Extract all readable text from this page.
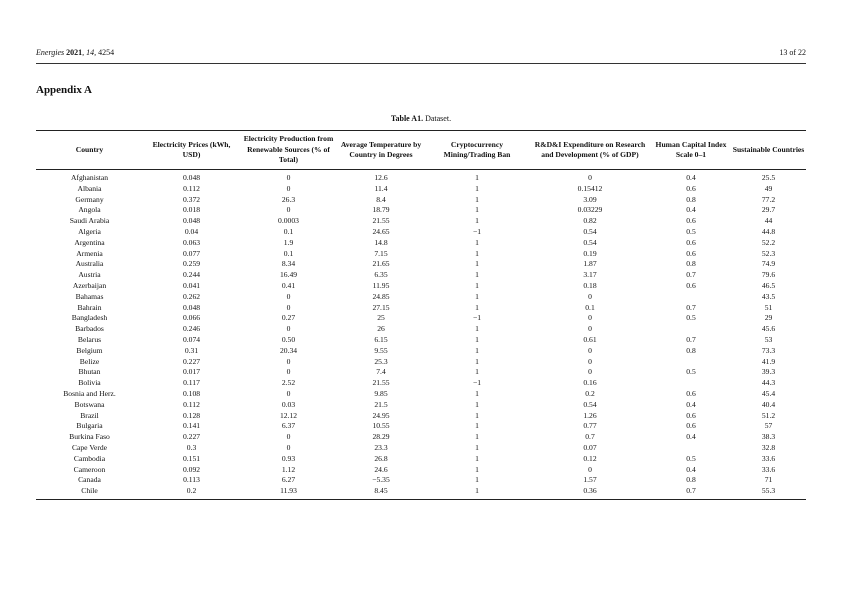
Energies 2021, 14, 4254	13 of 22
Appendix A
Table A1. Dataset.
Country	Electricity Prices (kWh, USD)	Electricity Production from Renewable Sources (% of Total)	Average Temperature by Country in Degrees	Cryptocurrency Mining/Trading Ban	R&D&I Expenditure on Research and Development (% of GDP)	Human Capital Index Scale 0–1	Sustainable Countries
Afghanistan	0.048	0	12.6	1	0	0.4	25.5
Albania	0.112	0	11.4	1	0.15412	0.6	49
Germany	0.372	26.3	8.4	1	3.09	0.8	77.2
Angola	0.018	0	18.79	1	0.03229	0.4	29.7
Saudi Arabia	0.048	0.0003	21.55	1	0.82	0.6	44
Algeria	0.04	0.1	24.65	−1	0.54	0.5	44.8
Argentina	0.063	1.9	14.8	1	0.54	0.6	52.2
Armenia	0.077	0.1	7.15	1	0.19	0.6	52.3
Australia	0.259	8.34	21.65	1	1.87	0.8	74.9
Austria	0.244	16.49	6.35	1	3.17	0.7	79.6
Azerbaijan	0.041	0.41	11.95	1	0.18	0.6	46.5
Bahamas	0.262	0	24.85	1	0		43.5
Bahrain	0.048	0	27.15	1	0.1	0.7	51
Bangladesh	0.066	0.27	25	−1	0	0.5	29
Barbados	0.246	0	26	1	0		45.6
Belarus	0.074	0.50	6.15	1	0.61	0.7	53
Belgium	0.31	20.34	9.55	1	0	0.8	73.3
Belize	0.227	0	25.3	1	0		41.9
Bhutan	0.017	0	7.4	1	0	0.5	39.3
Bolivia	0.117	2.52	21.55	−1	0.16		44.3
Bosnia and Herz.	0.108	0	9.85	1	0.2	0.6	45.4
Botswana	0.112	0.03	21.5	1	0.54	0.4	40.4
Brazil	0.128	12.12	24.95	1	1.26	0.6	51.2
Bulgaria	0.141	6.37	10.55	1	0.77	0.6	57
Burkina Faso	0.227	0	28.29	1	0.7	0.4	38.3
Cape Verde	0.3	0	23.3	1	0.07		32.8
Cambodia	0.151	0.93	26.8	1	0.12	0.5	33.6
Cameroon	0.092	1.12	24.6	1	0	0.4	33.6
Canada	0.113	6.27	−5.35	1	1.57	0.8	71
Chile	0.2	11.93	8.45	1	0.36	0.7	55.3
